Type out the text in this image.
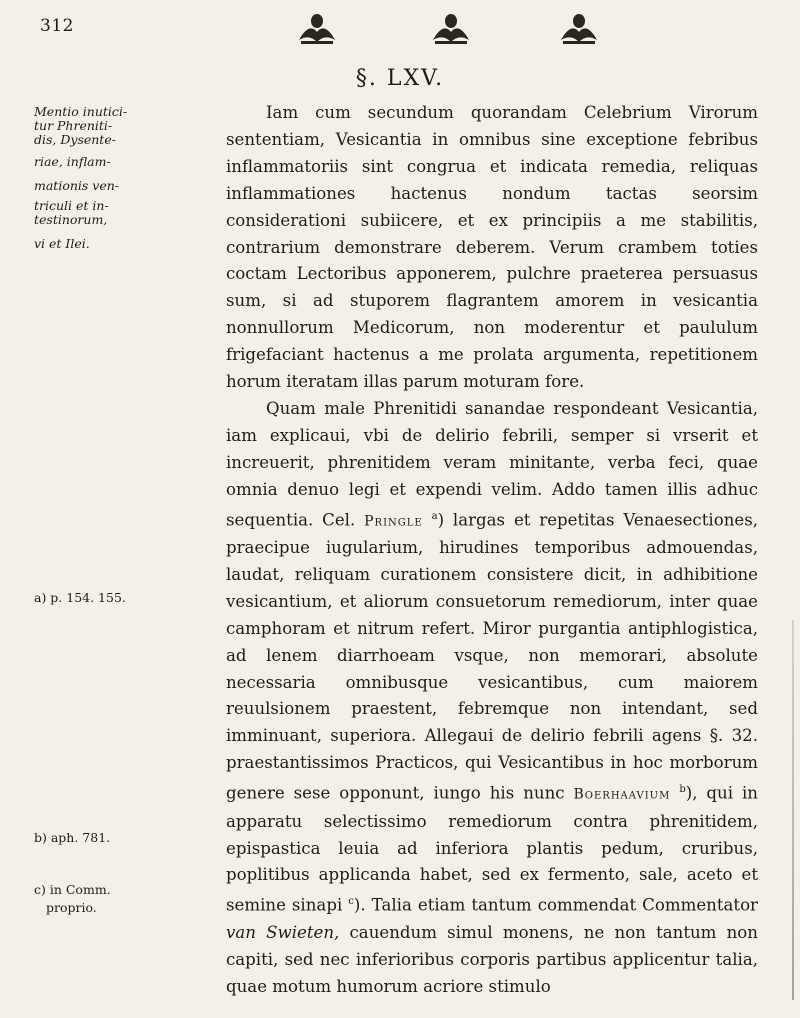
312
§. LXV.
Mentio inutici-
tur Phreniti-
dis, Dysente-
riae, inflam-
mationis ven-
triculi et in-
testinorum,
vi et Ilei.
a) p. 154. 155.
b) aph. 781.
c) in Comm.
proprio.

Iam cum secundum quorandam Celebrium Virorum sententiam, Vesicantia in omnibus sine exceptione febribus inflammatoriis sint congrua et indicata remedia, reliquas inflammationes hactenus nondum tactas seorsim considerationi subiicere, et ex principiis a me stabilitis, contrarium demonstrare deberem. Verum crambem toties coctam Lectoribus apponerem, pulchre praeterea persuasus sum, si ad stuporem flagrantem amorem in vesicantia nonnullorum Medicorum, non moderentur et paululum frigefaciant hactenus a me prolata argumenta, repetitionem horum iteratam illas parum moturam fore.

Quam male Phrenitidi sanandae respondeant Vesicantia, iam explicaui, vbi de delirio febrili, semper si vrserit et increuerit, phrenitidem veram minitante, verba feci, quae omnia denuo legi et expendi velim. Addo tamen illis adhuc sequentia. Cel. Pringle $^a$) largas et repetitas Venaesectiones, praecipue iugularium, hirudines temporibus admouendas, laudat, reliquam curationem consistere dicit, in adhibitione vesicantium, et aliorum consuetorum remediorum, inter quae camphoram et nitrum refert. Miror purgantia antiphlogistica, ad lenem diarrhoeam vsque, non memorari, absolute necessaria omnibusque vesicantibus, cum maiorem reuulsionem praestent, febremque non intendant, sed imminuant, superiora. Allegaui de delirio febrili agens §. 32. praestantissimos Practicos, qui Vesicantibus in hoc morborum genere sese opponunt, iungo his nunc Boerhaavium $^b$), qui in apparatu selectissimo remediorum contra phrenitidem, epispastica leuia ad inferiora plantis pedum, cruribus, poplitibus applicanda habet, sed ex fermento, sale, aceto et semine sinapi $^c$). Talia etiam tantum commendat Commentator van Swieten, cauendum simul monens, ne non tantum non capiti, sed nec inferioribus corporis partibus applicentur talia, quae motum humorum acriore stimulo
